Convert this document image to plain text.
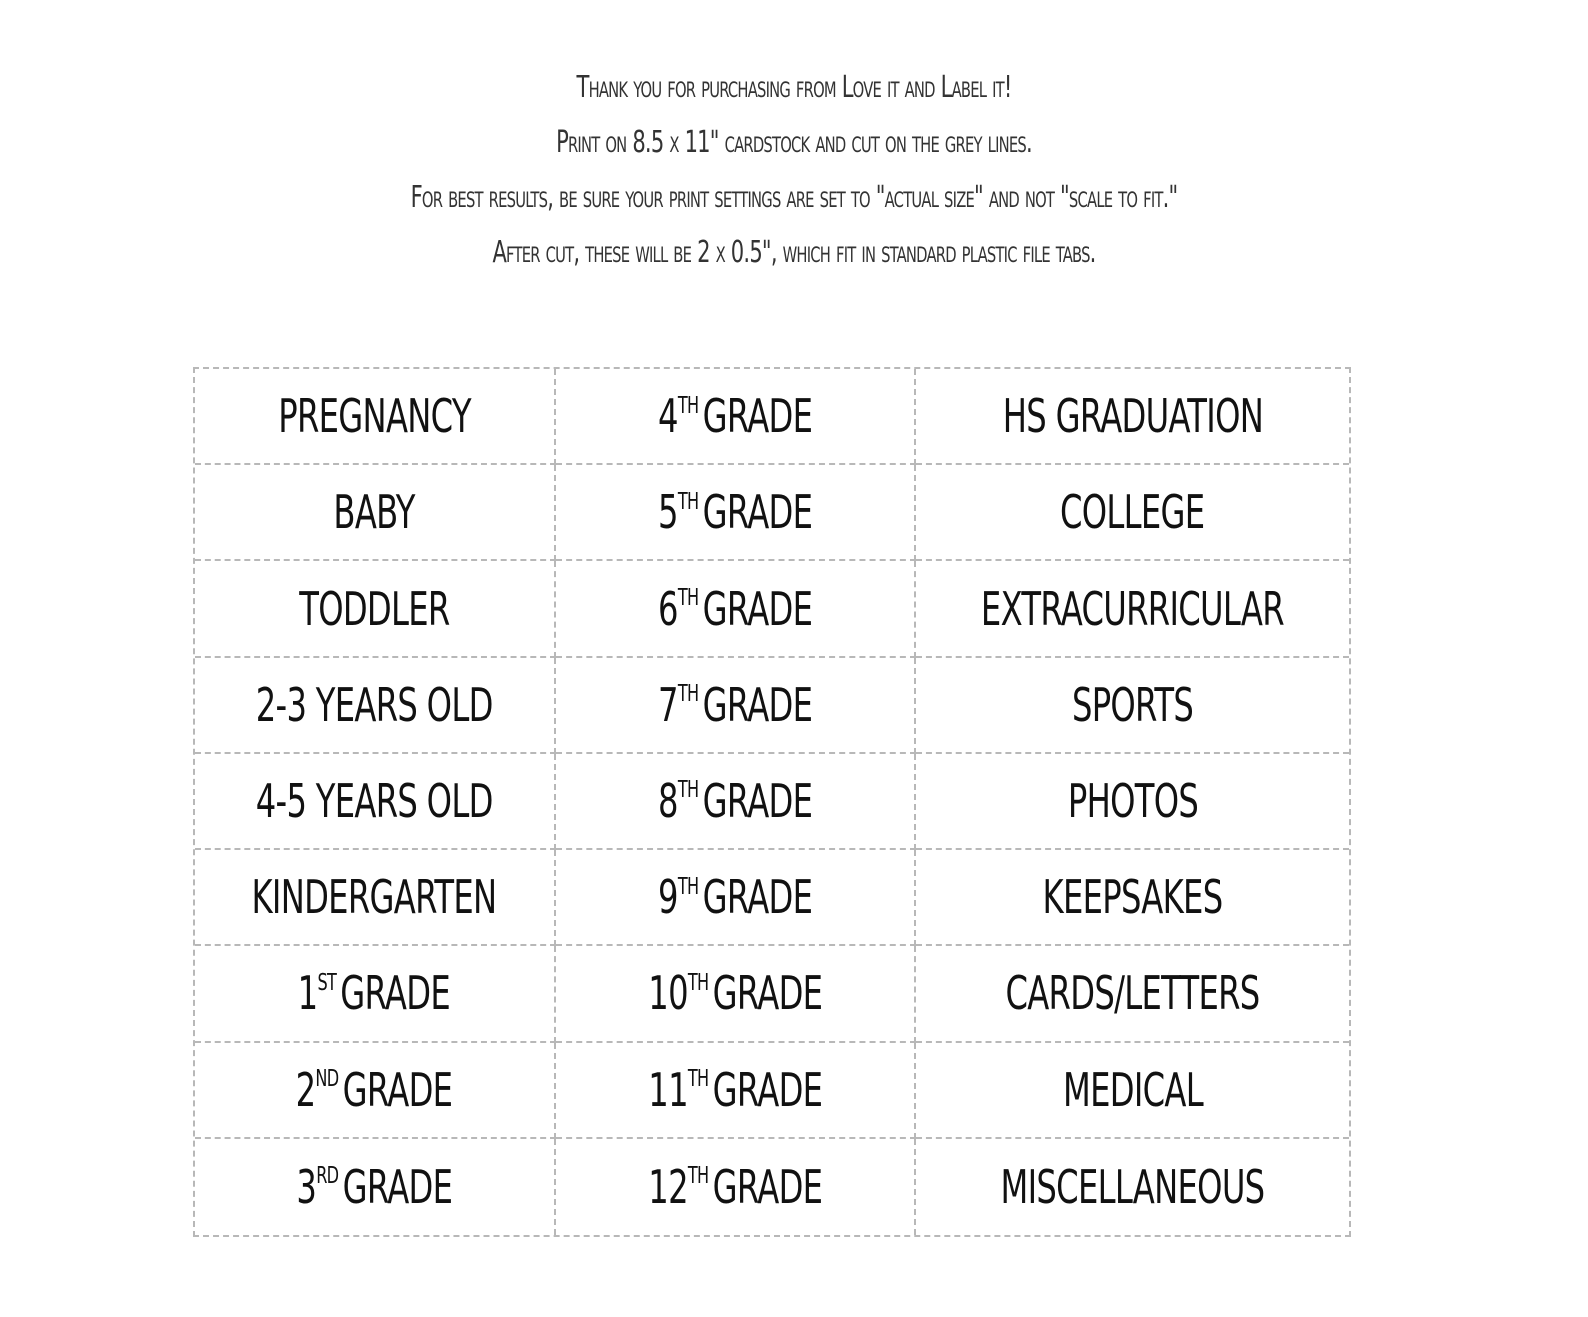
Thank you for purchasing from Love it and Label it!
Print on 8.5 x 11" cardstock and cut on the grey lines.
For best results, be sure your print settings are set to "actual size" and not "scale to fit."
After cut, these will be 2 x 0.5", which fit in standard plastic file tabs.
PREGNANCY	4THGRADE	HS GRADUATION
BABY	5THGRADE	COLLEGE
TODDLER	6THGRADE	EXTRACURRICULAR
2-3 YEARS OLD	7THGRADE	SPORTS
4-5 YEARS OLD	8THGRADE	PHOTOS
KINDERGARTEN	9THGRADE	KEEPSAKES
1STGRADE	10THGRADE	CARDS/LETTERS
2NDGRADE	11THGRADE	MEDICAL
3RDGRADE	12THGRADE	MISCELLANEOUS
